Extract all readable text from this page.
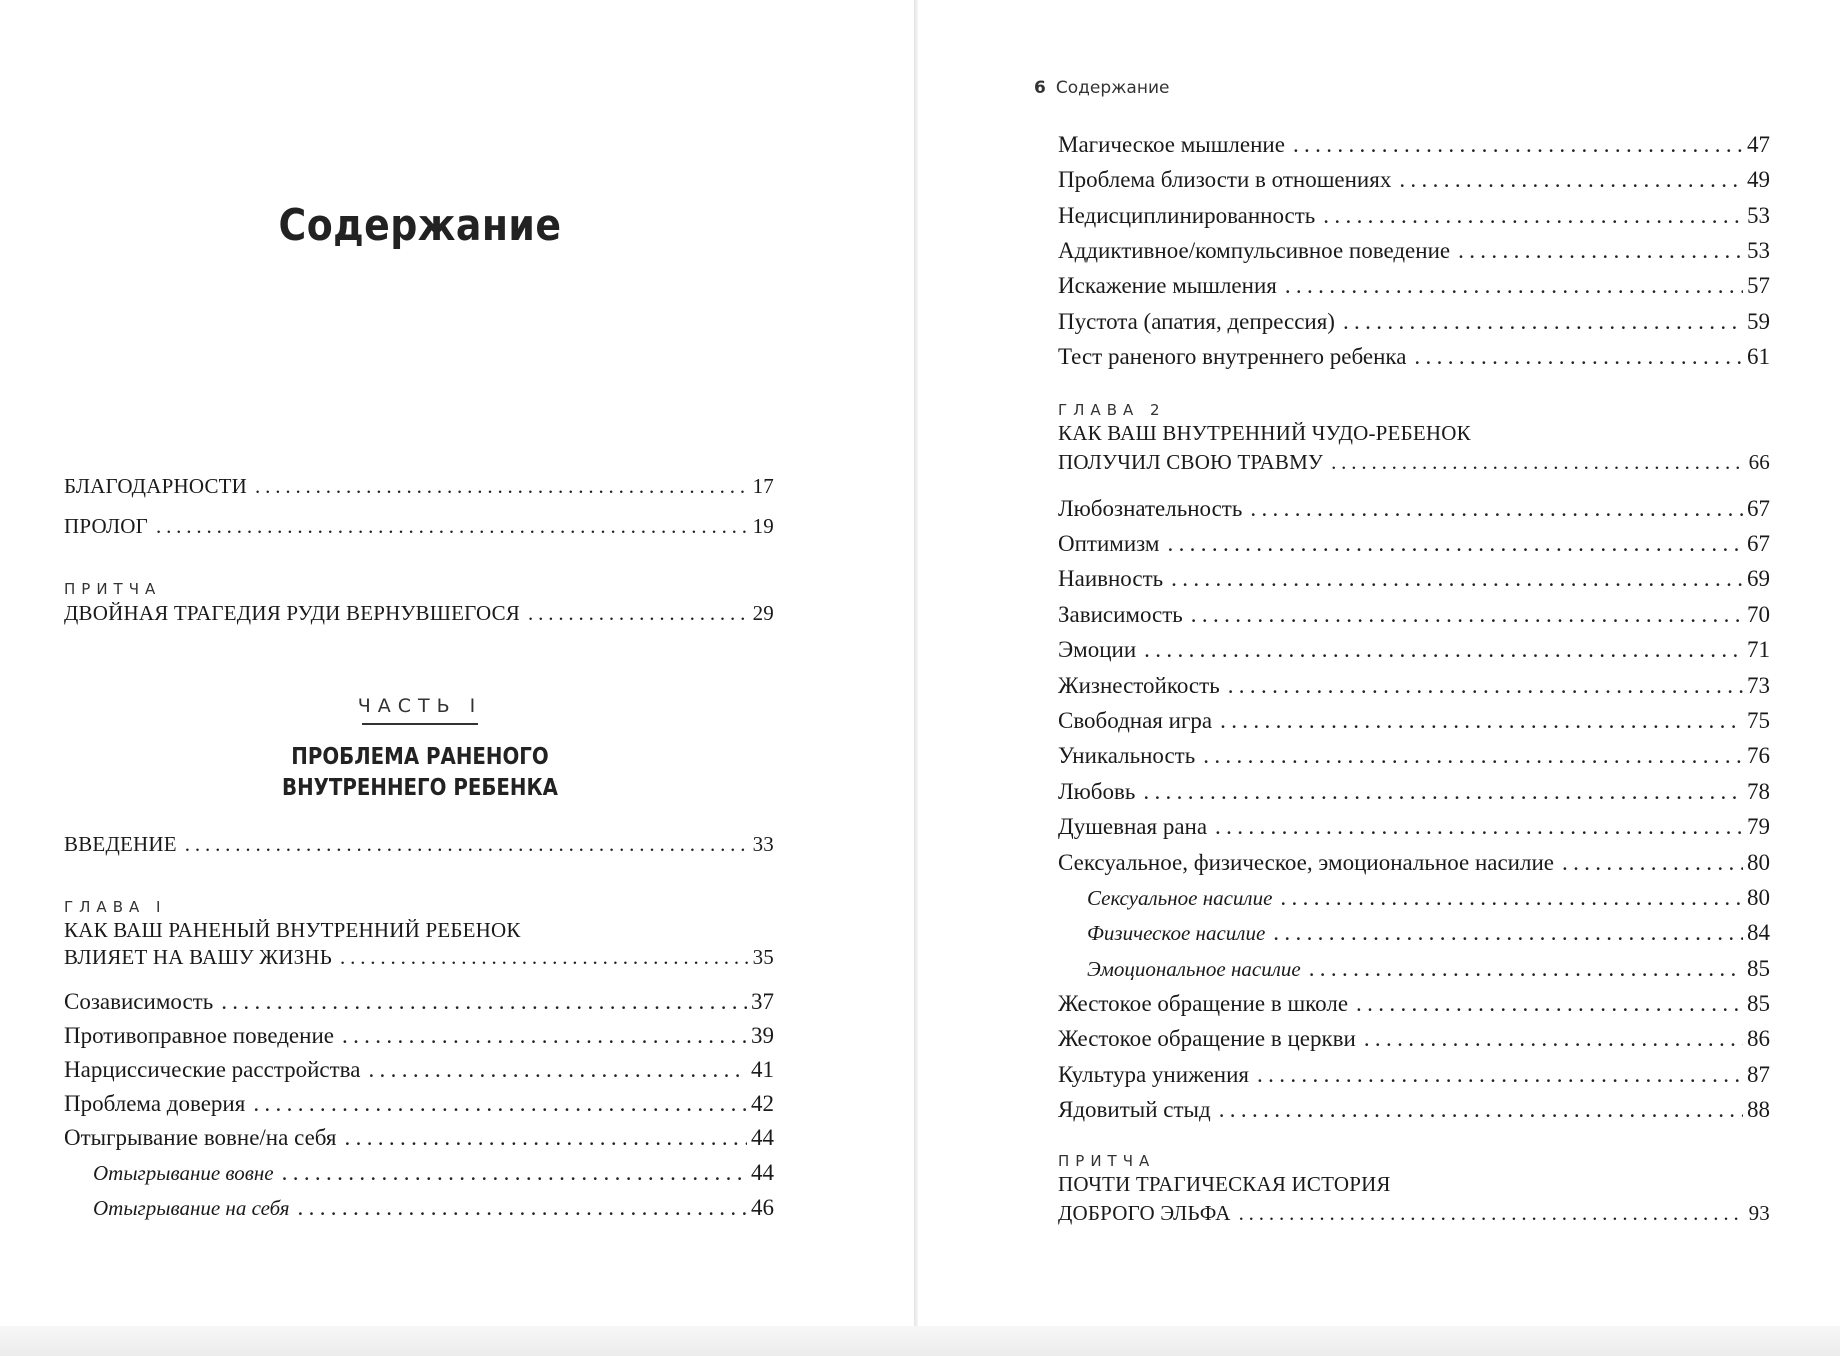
Содержание
БЛАГОДАРНОСТИ . . .	17
ПРОЛОГ . . .	19
ПРИТЧА
ДВОЙНАЯ ТРАГЕДИЯ РУДИ ВЕРНУВШЕГОСЯ . . .	29
ЧАСТЬ I
ПРОБЛЕМА РАНЕНОГО
ВНУТРЕННЕГО РЕБЕНКА
ВВЕДЕНИЕ . . .	33
ГЛАВА I
КАК ВАШ РАНЕНЫЙ ВНУТРЕННИЙ РЕБЕНОК
ВЛИЯЕТ НА ВАШУ ЖИЗНЬ . . .	35
Созависимость . . .	37
Противоправное поведение . . .	39
Нарциссические расстройства . . .	41
Проблема доверия . . .	42
Отыгрывание вовне/на себя . . .	44
Отыгрывание вовне . . .	44
Отыгрывание на себя . . .	46
6 Содержание
Магическое мышление . . .	47
Проблема близости в отношениях . . .	49
Недисциплинированность . . .	53
Аддиктивное/компульсивное поведение . . .	53
Искажение мышления . . .	57
Пустота (апатия, депрессия) . . .	59
Тест раненого внутреннего ребенка . . .	61
ГЛАВА 2
КАК ВАШ ВНУТРЕННИЙ ЧУДО-РЕБЕНОК
ПОЛУЧИЛ СВОЮ ТРАВМУ . . .	66
Любознательность . . .	67
Оптимизм . . .	67
Наивность . . .	69
Зависимость . . .	70
Эмоции . . .	71
Жизнестойкость . . .	73
Свободная игра . . .	75
Уникальность . . .	76
Любовь . . .	78
Душевная рана . . .	79
Сексуальное, физическое, эмоциональное насилие . . .	80
Сексуальное насилие . . .	80
Физическое насилие . . .	84
Эмоциональное насилие . . .	85
Жестокое обращение в школе . . .	85
Жестокое обращение в церкви . . .	86
Культура унижения . . .	87
Ядовитый стыд . . .	88
ПРИТЧА
ПОЧТИ ТРАГИЧЕСКАЯ ИСТОРИЯ
ДОБРОГО ЭЛЬФА . . .	93
